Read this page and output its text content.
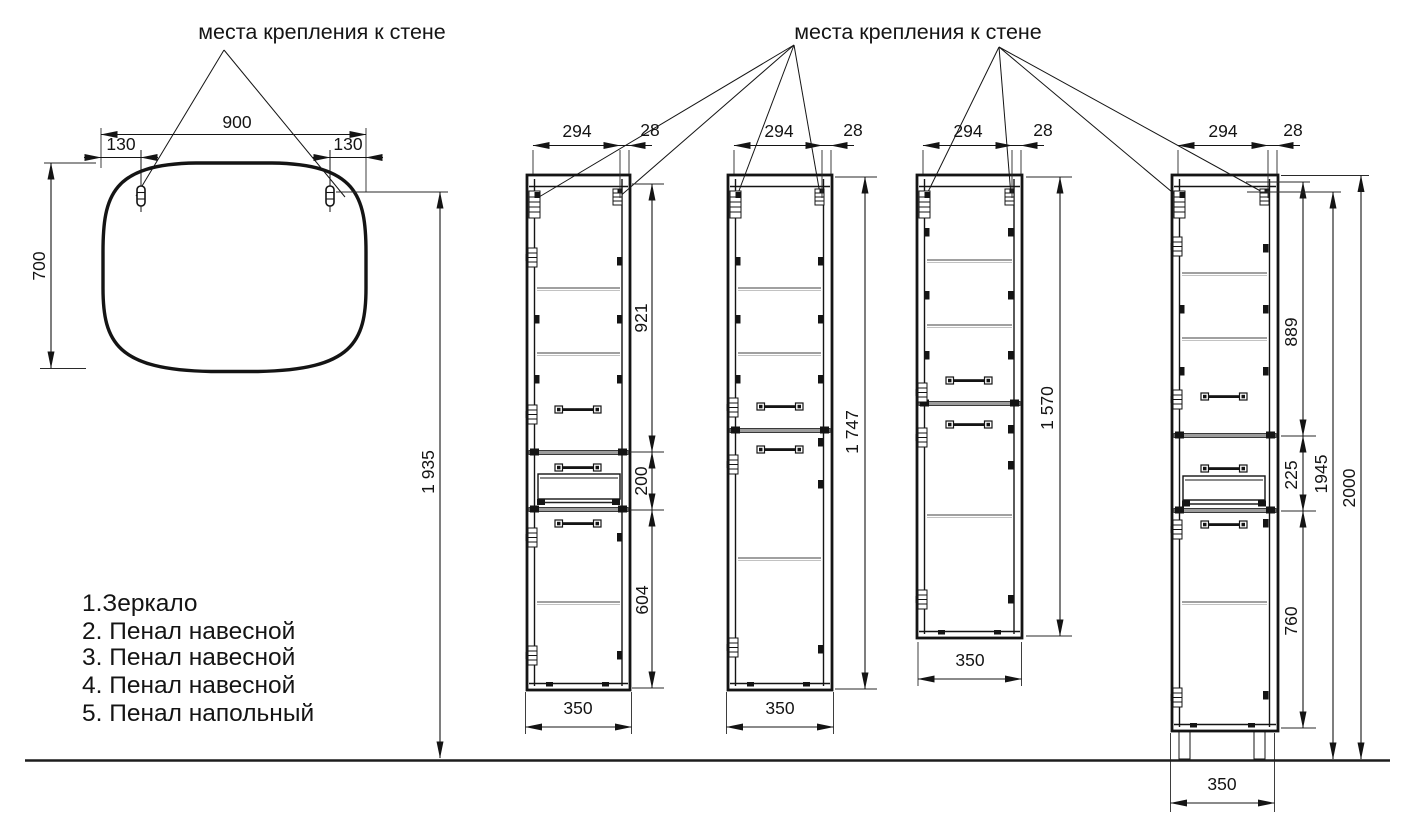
места крепления к стене	места крепления к стене
900
130	130
700
1 935
294	28
921
200
604
350
294	28
1 747
350
294	28
1 570
350
294	28
889
225
760
1945 2000
350
1.Зеркало
2. Пенал навесной
3. Пенал навесной
4. Пенал навесной
5. Пенал напольный
